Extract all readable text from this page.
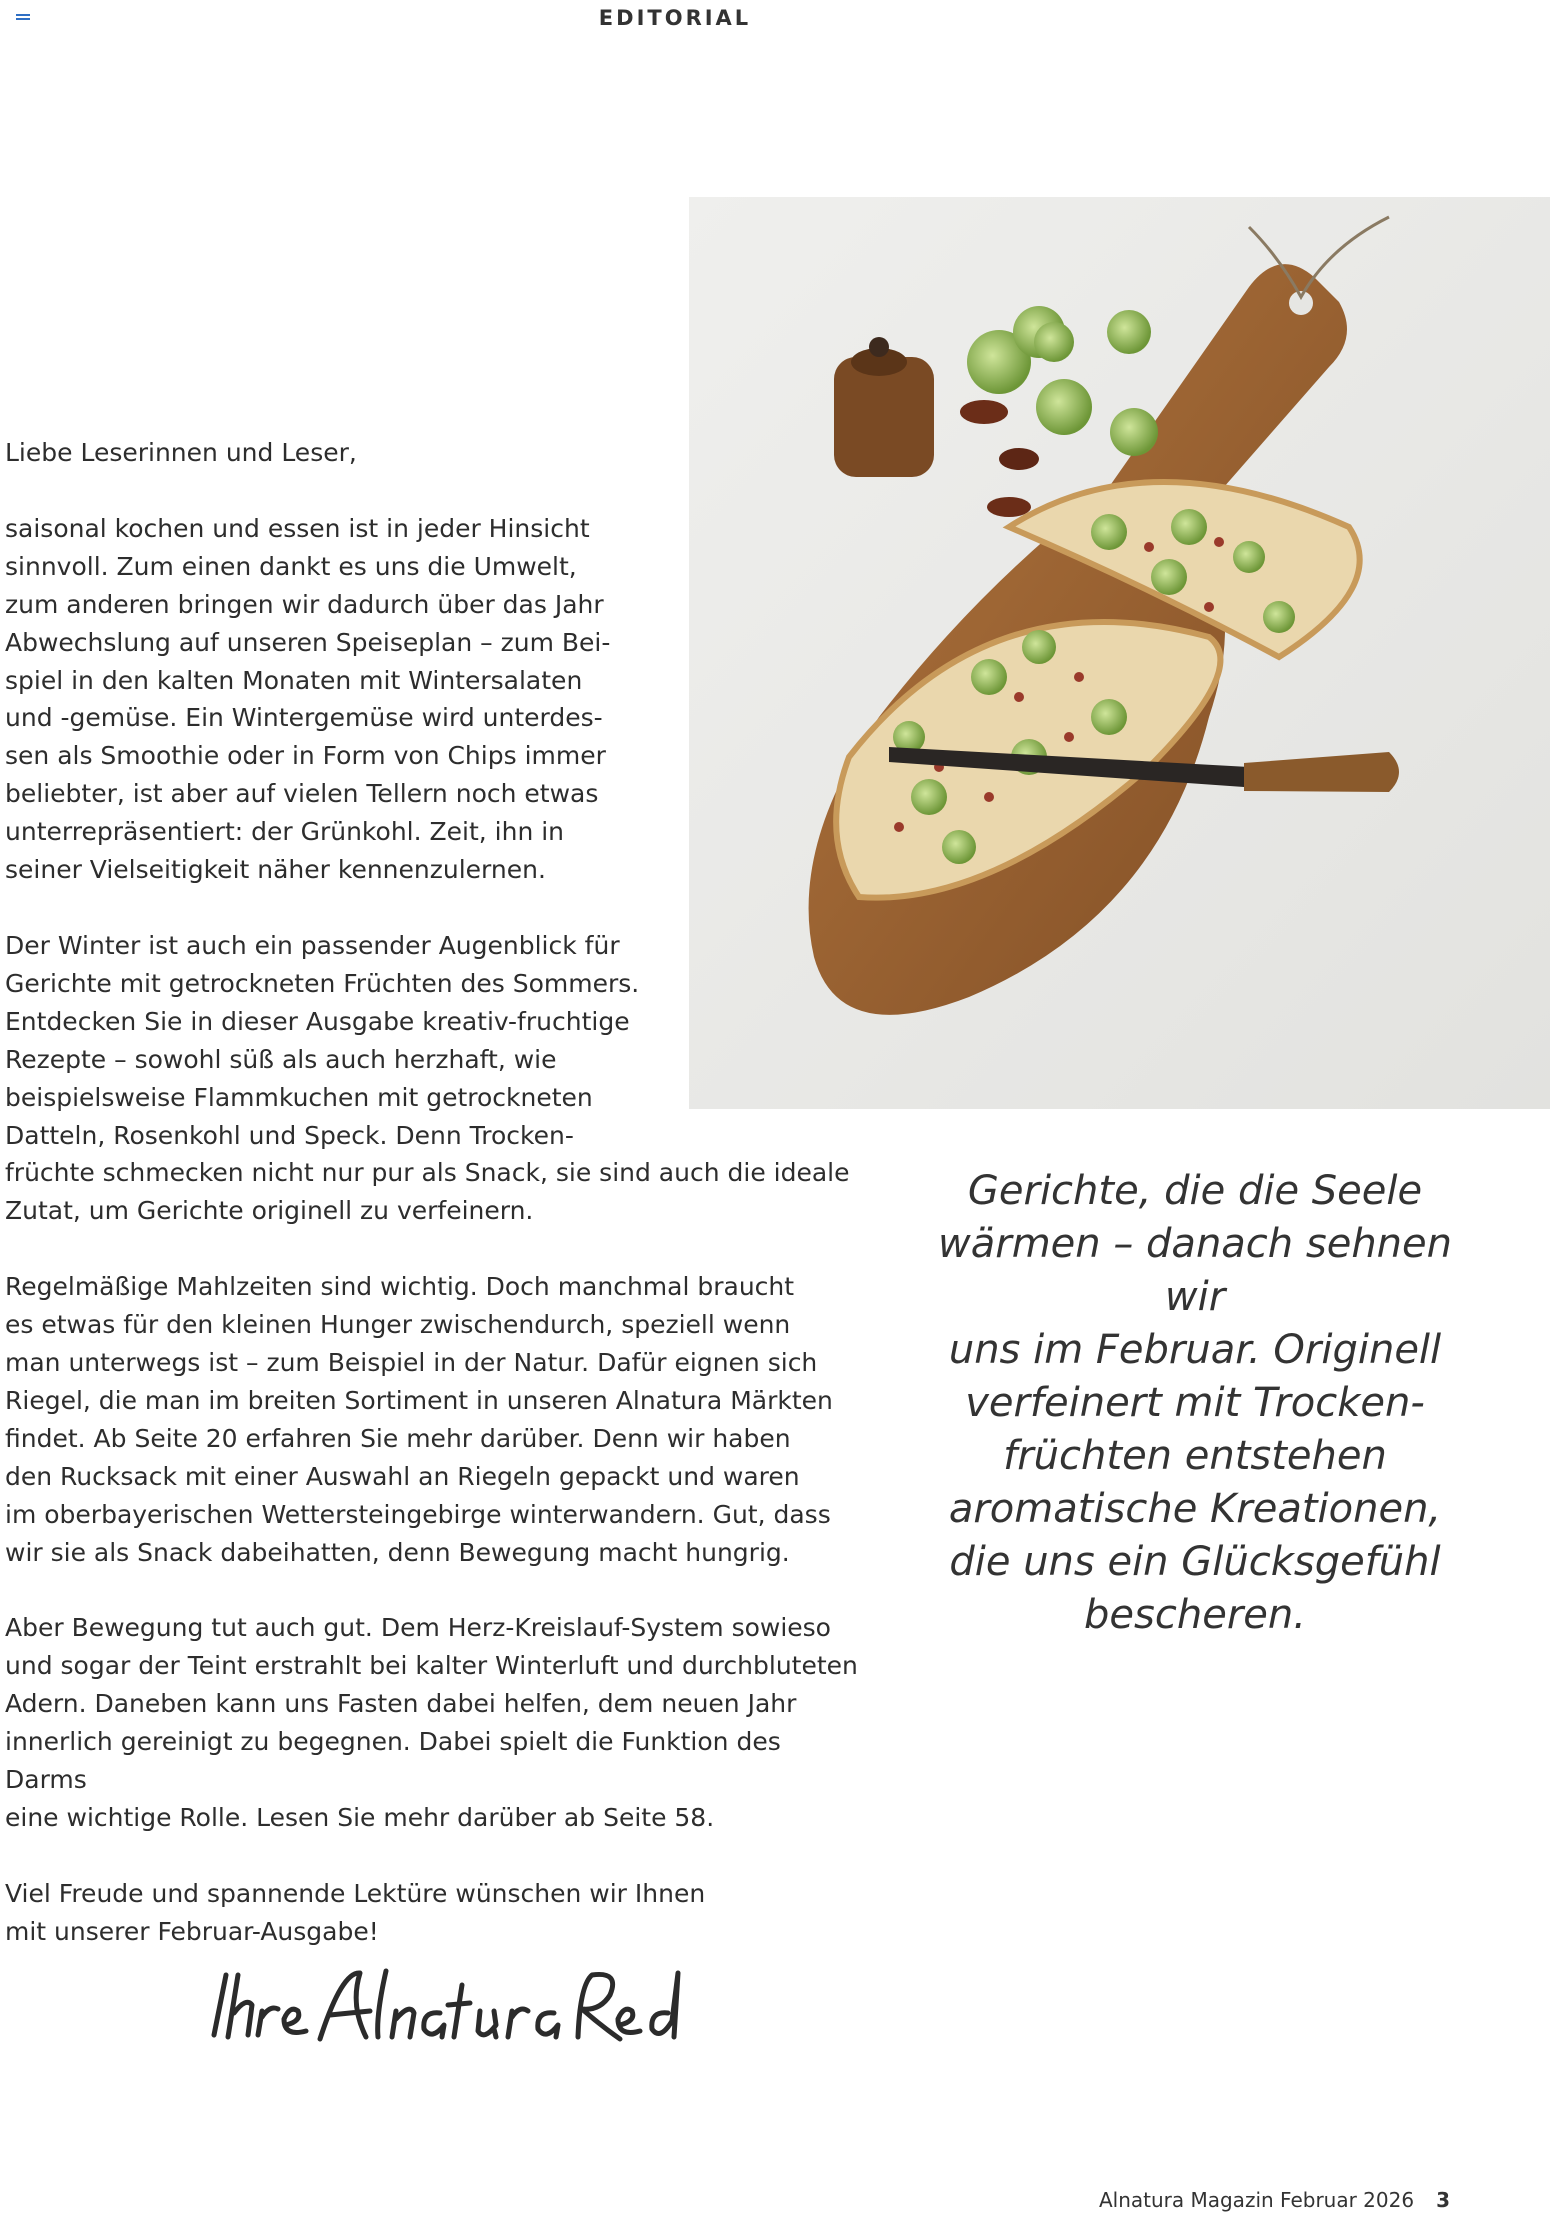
EDITORIAL

Liebe Leserinnen und Leser,

saisonal kochen und essen ist in jeder Hinsicht

sinnvoll. Zum einen dankt es uns die Umwelt,

zum anderen bringen wir dadurch über das Jahr

Abwechslung auf unseren Speiseplan – zum Bei-

spiel in den kalten Monaten mit Wintersalaten

und -gemüse. Ein Wintergemüse wird unterdes-

sen als Smoothie oder in Form von Chips immer

beliebter, ist aber auf vielen Tellern noch etwas

unterrepräsentiert: der Grünkohl. Zeit, ihn in

seiner Vielseitigkeit näher kennenzulernen.

Der Winter ist auch ein passender Augenblick für

Gerichte mit getrockneten Früchten des Sommers.

Entdecken Sie in dieser Ausgabe kreativ-fruchtige

Rezepte – sowohl süß als auch herzhaft, wie

beispielsweise Flammkuchen mit getrockneten

Datteln, Rosenkohl und Speck. Denn Trocken-

früchte schmecken nicht nur pur als Snack, sie sind auch die ideale

Zutat, um Gerichte originell zu verfeinern.

Regelmäßige Mahlzeiten sind wichtig. Doch manchmal braucht

es etwas für den kleinen Hunger zwischendurch, speziell wenn

man unterwegs ist – zum Beispiel in der Natur. Dafür eignen sich

Riegel, die man im breiten Sortiment in unseren Alnatura Märkten

findet. Ab Seite 20 erfahren Sie mehr darüber. Denn wir haben

den Rucksack mit einer Auswahl an Riegeln gepackt und waren

im oberbayerischen Wettersteingebirge winterwandern. Gut, dass

wir sie als Snack dabeihatten, denn Bewegung macht hungrig.

Aber Bewegung tut auch gut. Dem Herz-Kreislauf-System sowieso

und sogar der Teint erstrahlt bei kalter Winterluft und durchbluteten

Adern. Daneben kann uns Fasten dabei helfen, dem neuen Jahr

innerlich gereinigt zu begegnen. Dabei spielt die Funktion des Darms

eine wichtige Rolle. Lesen Sie mehr darüber ab Seite 58.

Viel Freude und spannende Lektüre wünschen wir Ihnen

mit unserer Februar-Ausgabe!

Gerichte, die die Seele
wärmen – danach sehnen wir
uns im Februar. Originell
verfeinert mit Trocken-
früchten entstehen
aromatische Kreationen,
die uns ein Glücksgefühl
bescheren.
Alnatura Magazin Februar 2026 3
